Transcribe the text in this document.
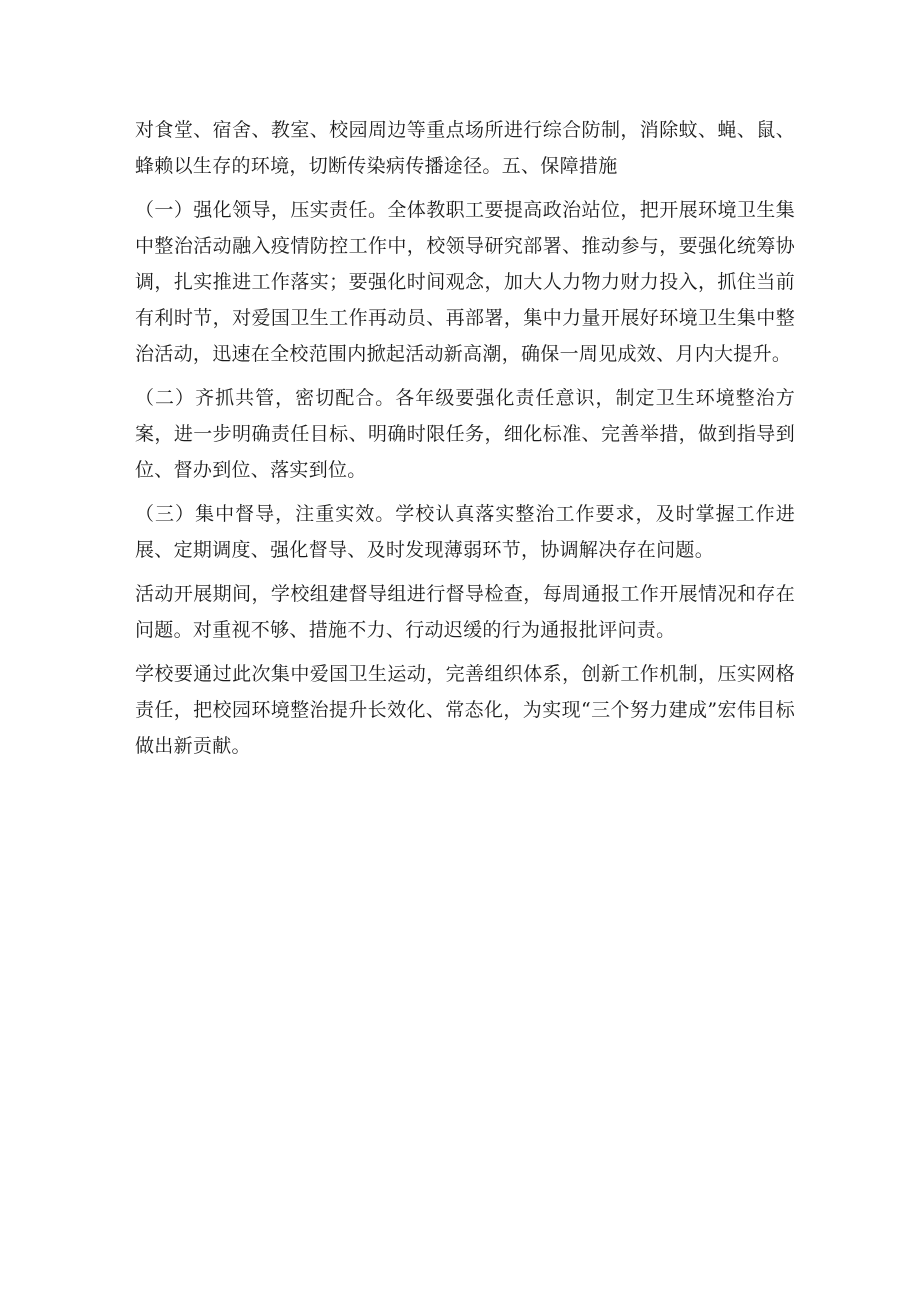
对食堂、宿舍、教室、校园周边等重点场所进行综合防制，消除蚊、蝇、鼠、蜂赖以生存的环境，切断传染病传播途径。五、保障措施

（一）强化领导，压实责任。全体教职工要提高政治站位，把开展环境卫生集中整治活动融入疫情防控工作中，校领导研究部署、推动参与，要强化统筹协调，扎实推进工作落实；要强化时间观念，加大人力物力财力投入，抓住当前有利时节，对爱国卫生工作再动员、再部署，集中力量开展好环境卫生集中整治活动，迅速在全校范围内掀起活动新高潮，确保一周见成效、月内大提升。

（二）齐抓共管，密切配合。各年级要强化责任意识，制定卫生环境整治方案，进一步明确责任目标、明确时限任务，细化标准、完善举措，做到指导到位、督办到位、落实到位。

（三）集中督导，注重实效。学校认真落实整治工作要求，及时掌握工作进展、定期调度、强化督导、及时发现薄弱环节，协调解决存在问题。

活动开展期间，学校组建督导组进行督导检查，每周通报工作开展情况和存在问题。对重视不够、措施不力、行动迟缓的行为通报批评问责。

学校要通过此次集中爱国卫生运动，完善组织体系，创新工作机制，压实网格责任，把校园环境整治提升长效化、常态化，为实现“三个努力建成”宏伟目标做出新贡献。
